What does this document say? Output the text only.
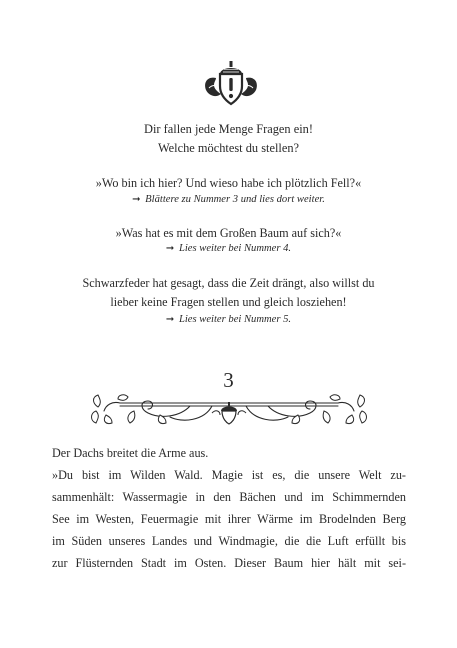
Dir fallen jede Menge Fragen ein!
Welche möchtest du stellen?
»Wo bin ich hier? Und wieso habe ich plötzlich Fell?«
➞ Blättere zu Nummer 3 und lies dort weiter.
»Was hat es mit dem Großen Baum auf sich?«
➞ Lies weiter bei Nummer 4.
Schwarzfeder hat gesagt, dass die Zeit drängt, also willst du
lieber keine Fragen stellen und gleich losziehen!
➞ Lies weiter bei Nummer 5.
3
Der Dachs breitet die Arme aus.
»Du bist im Wilden Wald. Magie ist es, die unsere Welt zu-
sammenhält: Wassermagie in den Bächen und im Schimmernden
See im Westen, Feuermagie mit ihrer Wärme im Brodelnden Berg
im Süden unseres Landes und Windmagie, die die Luft erfüllt bis
zur Flüsternden Stadt im Osten. Dieser Baum hier hält mit sei-
